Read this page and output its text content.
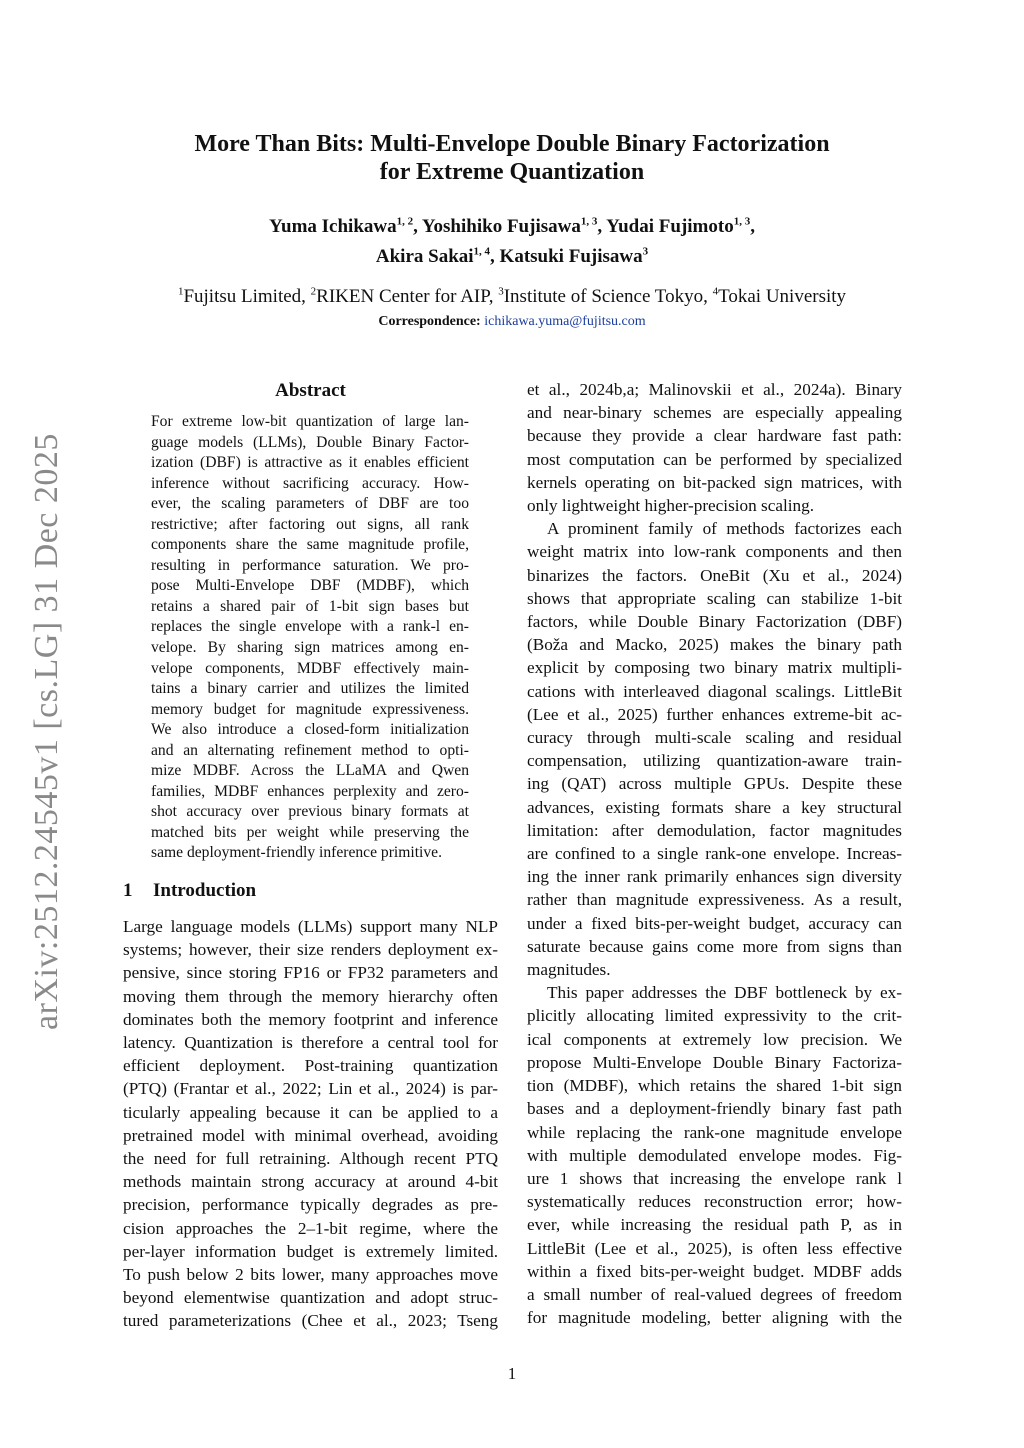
arXiv:2512.24545v1 [cs.LG] 31 Dec 2025
More Than Bits: Multi-Envelope Double Binary Factorization
for Extreme Quantization
Yuma Ichikawa$^{1, 2}$, Yoshihiko Fujisawa$^{1, 3}$, Yudai Fujimoto$^{1, 3}$,
Akira Sakai$^{1, 4}$, Katsuki Fujisawa$^3$
$^1$Fujitsu Limited, $^2$RIKEN Center for AIP, $^3$Institute of Science Tokyo, $^4$Tokai University
Correspondence: ichikawa.yuma@fujitsu.com
Abstract
For extreme low-bit quantization of large lan-
guage models (LLMs), Double Binary Factor-
ization (DBF) is attractive as it enables efficient
inference without sacrificing accuracy. How-
ever, the scaling parameters of DBF are too
restrictive; after factoring out signs, all rank
components share the same magnitude profile,
resulting in performance saturation. We pro-
pose Multi-Envelope DBF (MDBF), which
retains a shared pair of 1-bit sign bases but
replaces the single envelope with a rank-l en-
velope. By sharing sign matrices among en-
velope components, MDBF effectively main-
tains a binary carrier and utilizes the limited
memory budget for magnitude expressiveness.
We also introduce a closed-form initialization
and an alternating refinement method to opti-
mize MDBF. Across the LLaMA and Qwen
families, MDBF enhances perplexity and zero-
shot accuracy over previous binary formats at
matched bits per weight while preserving the
same deployment-friendly inference primitive.
1 Introduction
Large language models (LLMs) support many NLP
systems; however, their size renders deployment ex-
pensive, since storing FP16 or FP32 parameters and
moving them through the memory hierarchy often
dominates both the memory footprint and inference
latency. Quantization is therefore a central tool for
efficient deployment. Post-training quantization
(PTQ) (Frantar et al., 2022; Lin et al., 2024) is par-
ticularly appealing because it can be applied to a
pretrained model with minimal overhead, avoiding
the need for full retraining. Although recent PTQ
methods maintain strong accuracy at around 4-bit
precision, performance typically degrades as pre-
cision approaches the 2–1-bit regime, where the
per-layer information budget is extremely limited.
To push below 2 bits lower, many approaches move
beyond elementwise quantization and adopt struc-
tured parameterizations (Chee et al., 2023; Tseng
et al., 2024b,a; Malinovskii et al., 2024a). Binary
and near-binary schemes are especially appealing
because they provide a clear hardware fast path:
most computation can be performed by specialized
kernels operating on bit-packed sign matrices, with
only lightweight higher-precision scaling.
A prominent family of methods factorizes each
weight matrix into low-rank components and then
binarizes the factors. OneBit (Xu et al., 2024)
shows that appropriate scaling can stabilize 1-bit
factors, while Double Binary Factorization (DBF)
(Boža and Macko, 2025) makes the binary path
explicit by composing two binary matrix multipli-
cations with interleaved diagonal scalings. LittleBit
(Lee et al., 2025) further enhances extreme-bit ac-
curacy through multi-scale scaling and residual
compensation, utilizing quantization-aware train-
ing (QAT) across multiple GPUs. Despite these
advances, existing formats share a key structural
limitation: after demodulation, factor magnitudes
are confined to a single rank-one envelope. Increas-
ing the inner rank primarily enhances sign diversity
rather than magnitude expressiveness. As a result,
under a fixed bits-per-weight budget, accuracy can
saturate because gains come more from signs than
magnitudes.
This paper addresses the DBF bottleneck by ex-
plicitly allocating limited expressivity to the crit-
ical components at extremely low precision. We
propose Multi-Envelope Double Binary Factoriza-
tion (MDBF), which retains the shared 1-bit sign
bases and a deployment-friendly binary fast path
while replacing the rank-one magnitude envelope
with multiple demodulated envelope modes. Fig-
ure 1 shows that increasing the envelope rank l
systematically reduces reconstruction error; how-
ever, while increasing the residual path P, as in
LittleBit (Lee et al., 2025), is often less effective
within a fixed bits-per-weight budget. MDBF adds
a small number of real-valued degrees of freedom
for magnitude modeling, better aligning with the
1
